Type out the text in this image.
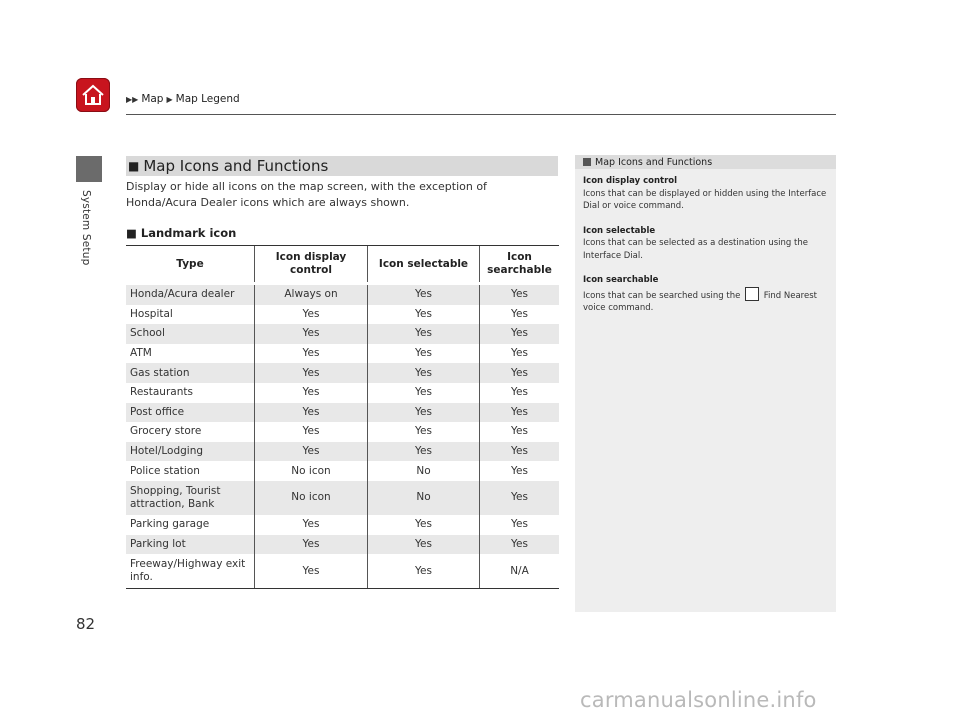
▶▶ Map ▶ Map Legend
System Setup
82
■ Map Icons and Functions
Display or hide all icons on the map screen, with the exception of Honda/Acura Dealer icons which are always shown.
■ Landmark icon
Type	Icon display control	Icon selectable	Icon searchable
Honda/Acura dealer	Always on	Yes	Yes
Hospital	Yes	Yes	Yes
School	Yes	Yes	Yes
ATM	Yes	Yes	Yes
Gas station	Yes	Yes	Yes
Restaurants	Yes	Yes	Yes
Post office	Yes	Yes	Yes
Grocery store	Yes	Yes	Yes
Hotel/Lodging	Yes	Yes	Yes
Police station	No icon	No	Yes
Shopping, Tourist attraction, Bank	No icon	No	Yes
Parking garage	Yes	Yes	Yes
Parking lot	Yes	Yes	Yes
Freeway/Highway exit info.	Yes	Yes	N/A
Map Icons and Functions
Icon display control
Icons that can be displayed or hidden using the Interface Dial or voice command.
Icon selectable
Icons that can be selected as a destination using the Interface Dial.
Icon searchable
Icons that can be searched using the	Find Nearest voice command.
carmanualsonline.info
